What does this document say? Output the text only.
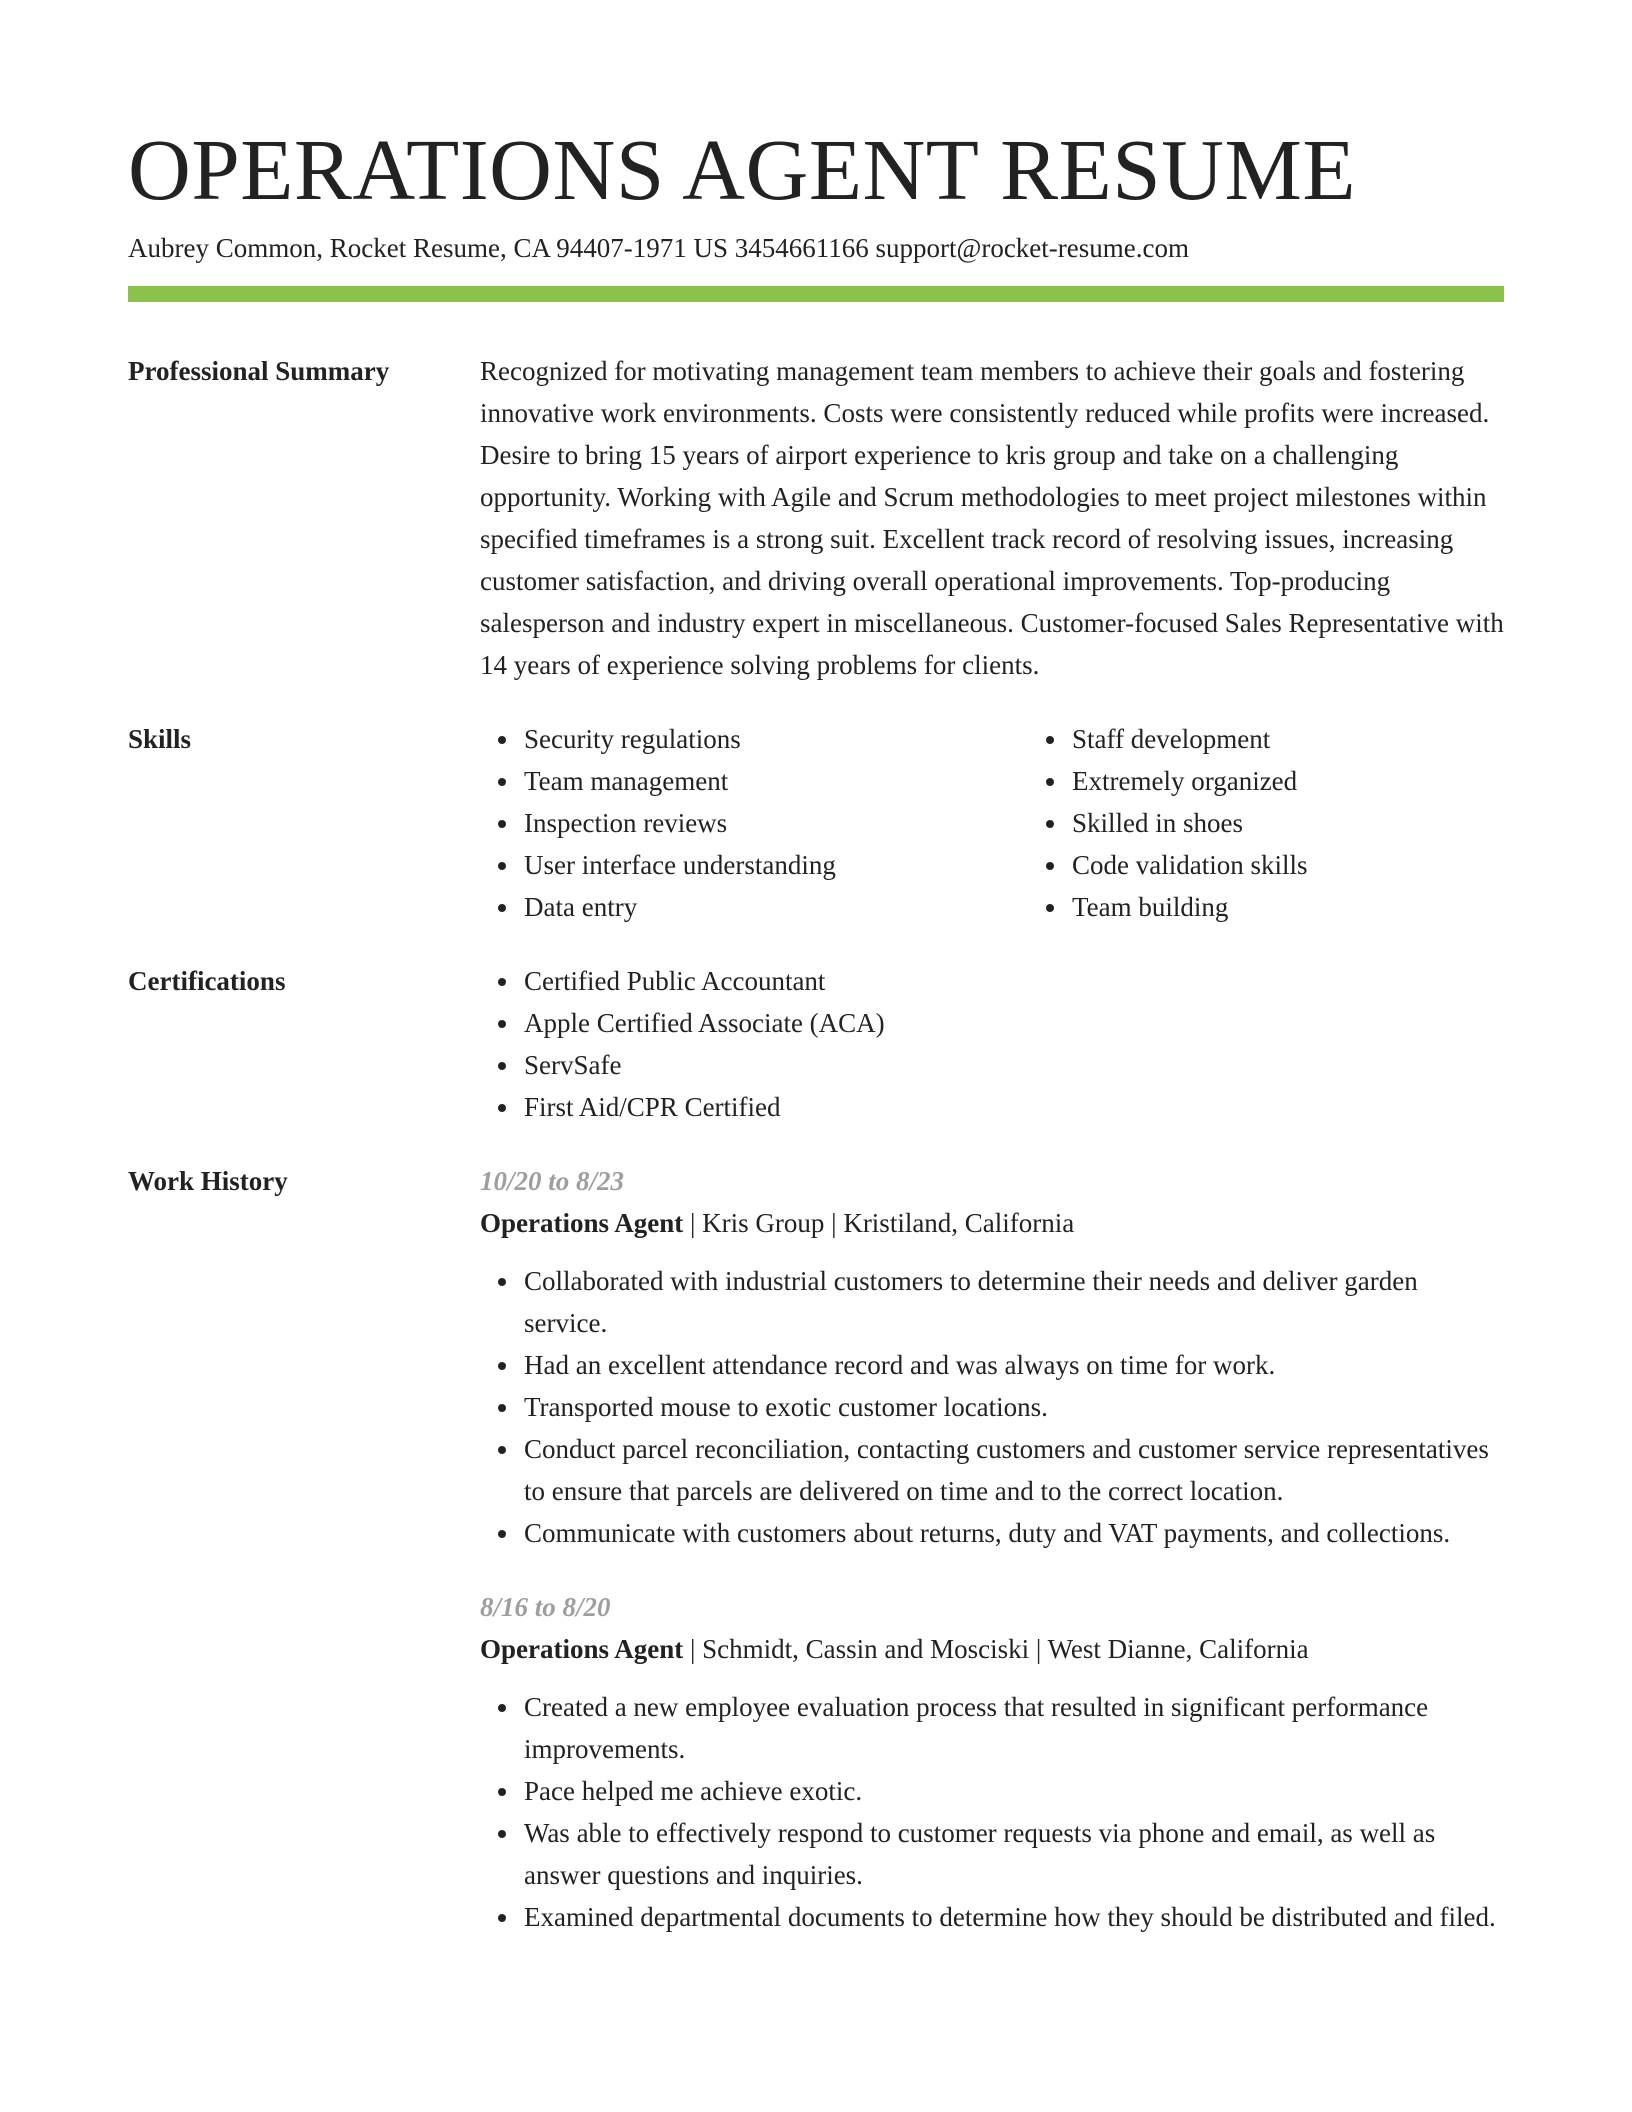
OPERATIONS AGENT RESUME
Aubrey Common, Rocket Resume, CA 94407-1971 US 3454661166 support@rocket-resume.com
Professional Summary	Recognized for motivating management team members to achieve their goals and fostering innovative work environments. Costs were consistently reduced while profits were increased. Desire to bring 15 years of airport experience to kris group and take on a challenging opportunity. Working with Agile and Scrum methodologies to meet project milestones within specified timeframes is a strong suit. Excellent track record of resolving issues, increasing customer satisfaction, and driving overall operational improvements. Top-producing salesperson and industry expert in miscellaneous. Customer-focused Sales Representative with 14 years of experience solving problems for clients.

Skills	Security regulations
Team management
Inspection reviews
User interface understanding
Data entry
Staff development
Extremely organized
Skilled in shoes
Code validation skills
Team building
Certifications	Certified Public Accountant
Apple Certified Associate (ACA)
ServSafe
First Aid/CPR Certified
Work History	10/20 to 8/23
Operations Agent | Kris Group | Kristiland, California
Collaborated with industrial customers to determine their needs and deliver garden service.
Had an excellent attendance record and was always on time for work.
Transported mouse to exotic customer locations.
Conduct parcel reconciliation, contacting customers and customer service representatives to ensure that parcels are delivered on time and to the correct location.
Communicate with customers about returns, duty and VAT payments, and collections.
8/16 to 8/20
Operations Agent | Schmidt, Cassin and Mosciski | West Dianne, California
Created a new employee evaluation process that resulted in significant performance improvements.
Pace helped me achieve exotic.
Was able to effectively respond to customer requests via phone and email, as well as answer questions and inquiries.
Examined departmental documents to determine how they should be distributed and filed.
